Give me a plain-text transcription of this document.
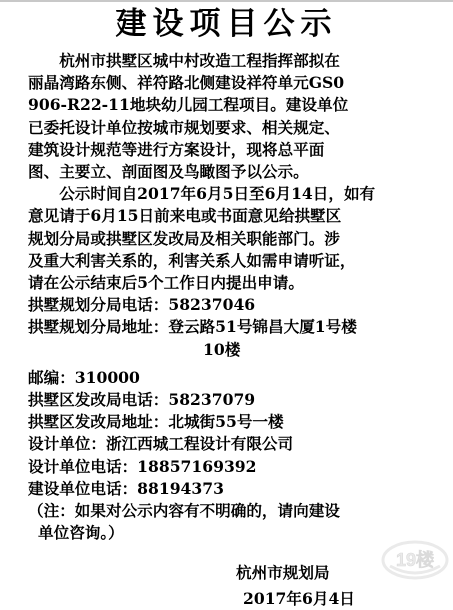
建设项目公示
杭州市拱墅区城中村改造工程指挥部拟在
丽晶湾路东侧、祥符路北侧建设祥符单元GS0
906-R22-11地块幼儿园工程项目。建设单位
已委托设计单位按城市规划要求、相关规定、
建筑设计规范等进行方案设计，现将总平面
图、主要立、剖面图及鸟瞰图予以公示。
公示时间自2017年6月5日至6月14日，如有
意见请于6月15日前来电或书面意见给拱墅区
规划分局或拱墅区发改局及相关职能部门。涉
及重大利害关系的，利害关系人如需申请听证，
请在公示结束后5个工作日内提出申请。
拱墅规划分局电话：58237046
拱墅规划分局地址：登云路51号锦昌大厦1号楼
10楼
邮编：310000
拱墅区发改局电话：58237079
拱墅区发改局地址：北城街55号一楼
设计单位：浙江西城工程设计有限公司
设计单位电话：18857169392
建设单位电话：88194373
（注：如果对公示内容有不明确的，请向建设
单位咨询。）
杭州市规划局
2017年6月4日
19楼
